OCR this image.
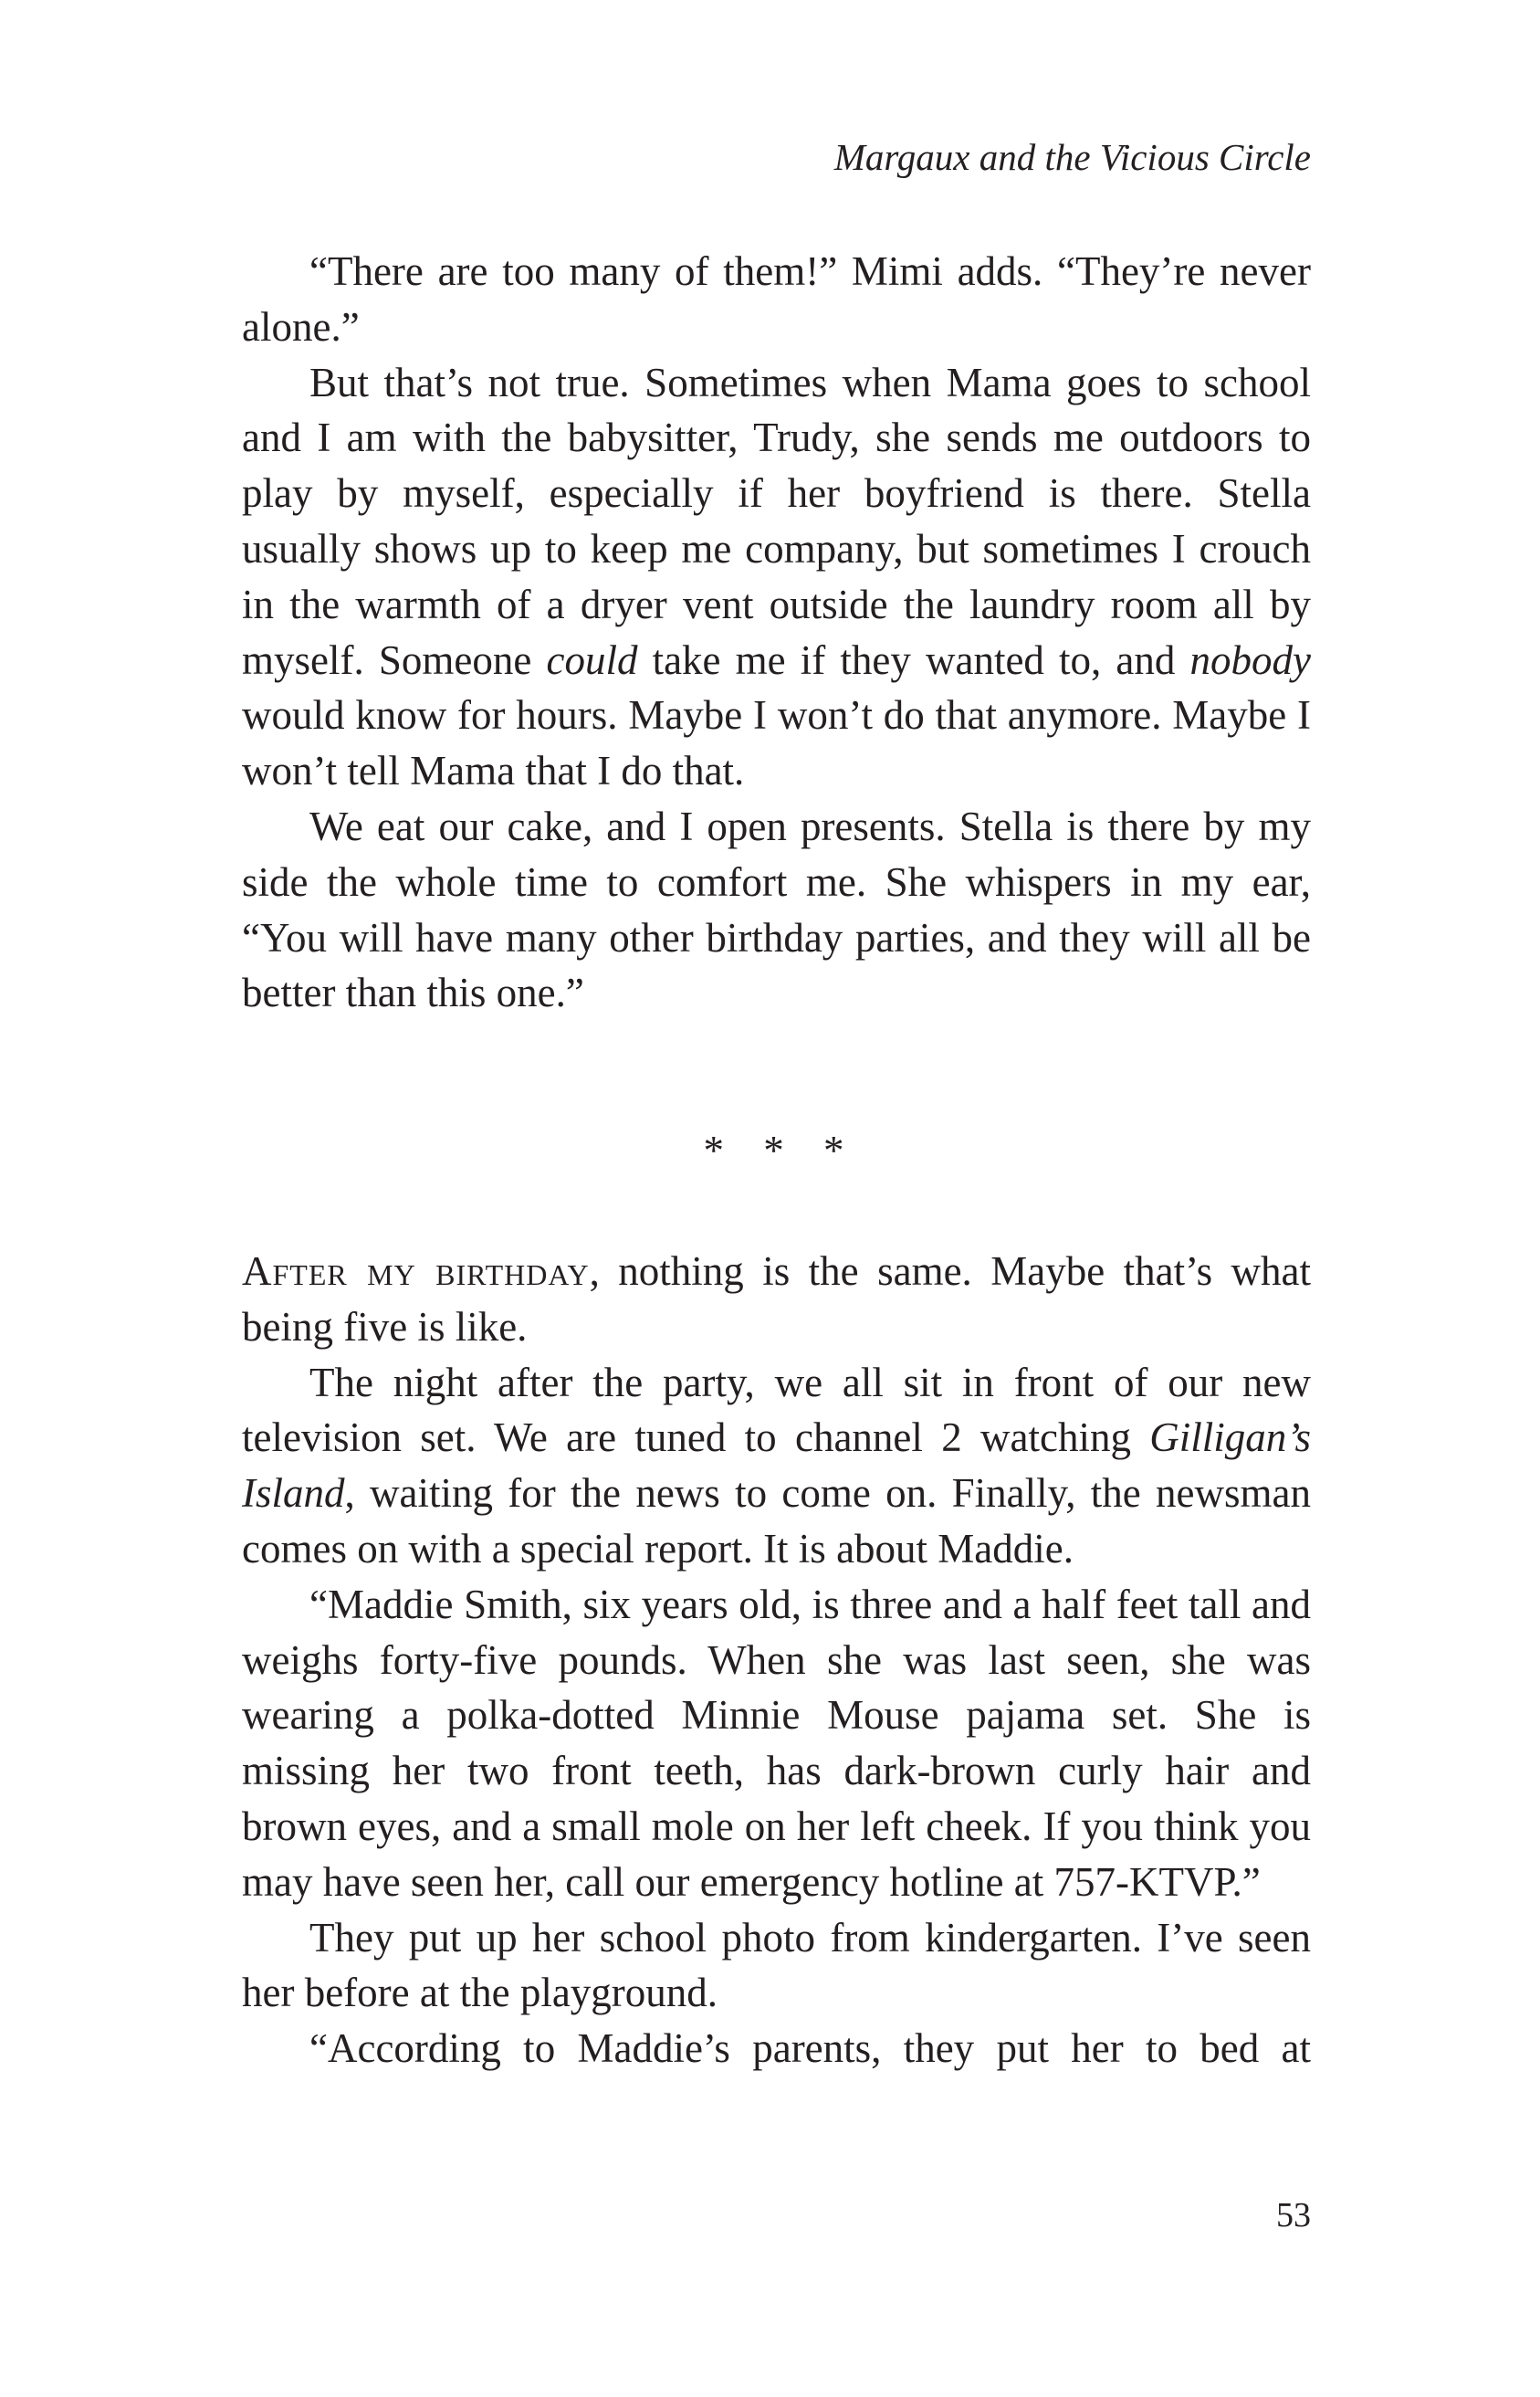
Margaux and the Vicious Circle

“There are too many of them!” Mimi adds. “They’re never alone.”

But that’s not true. Sometimes when Mama goes to school and I am with the babysitter, Trudy, she sends me outdoors to play by myself, especially if her boyfriend is there. Stella usually shows up to keep me company, but sometimes I crouch in the warmth of a dryer vent outside the laundry room all by myself. Someone could take me if they wanted to, and nobody would know for hours. Maybe I won’t do that anymore. Maybe I won’t tell Mama that I do that.

We eat our cake, and I open presents. Stella is there by my side the whole time to comfort me. She whispers in my ear, “You will have many other birthday parties, and they will all be better than this one.”

* * *

After my birthday, nothing is the same. Maybe that’s what being five is like.

The night after the party, we all sit in front of our new television set. We are tuned to channel 2 watching Gilligan’s Island, waiting for the news to come on. Finally, the newsman comes on with a special report. It is about Maddie.

“Maddie Smith, six years old, is three and a half feet tall and weighs forty-five pounds. When she was last seen, she was wearing a polka-dotted Minnie Mouse pajama set. She is missing her two front teeth, has dark-brown curly hair and brown eyes, and a small mole on her left cheek. If you think you may have seen her, call our emergency hotline at 757-KTVP.”

They put up her school photo from kindergarten. I’ve seen her before at the playground.

“According to Maddie’s parents, they put her to bed at

53
